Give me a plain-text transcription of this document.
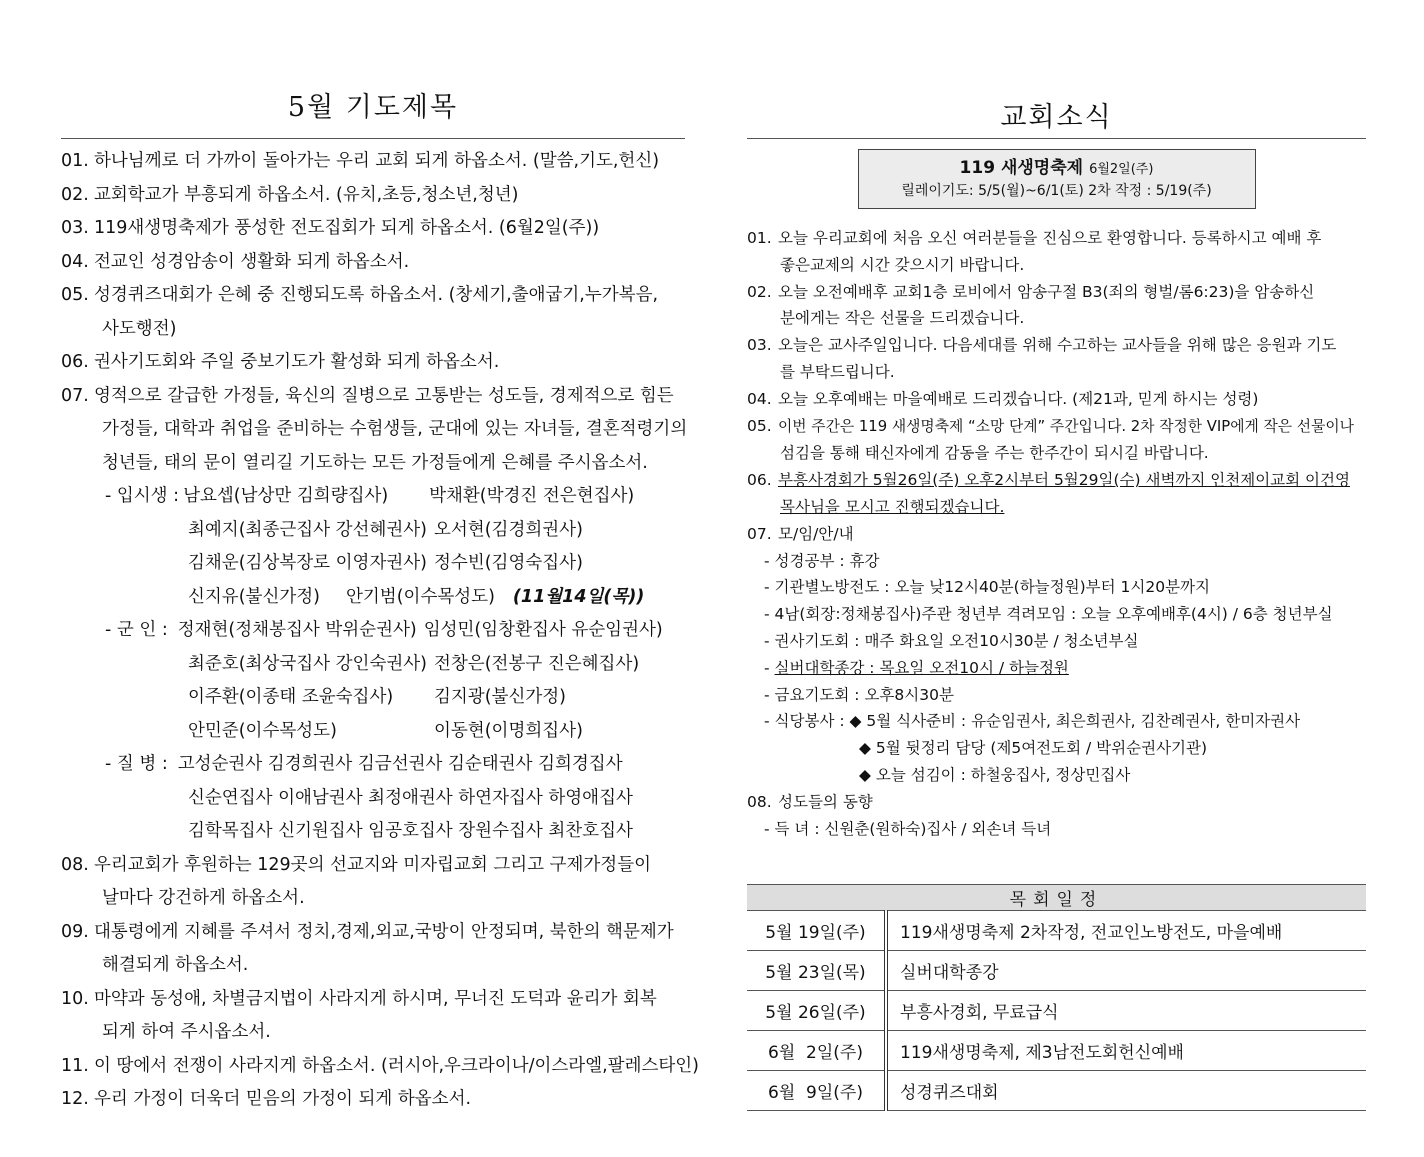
5월 기도제목
01. 하나님께로 더 가까이 돌아가는 우리 교회 되게 하옵소서. (말씀,기도,헌신)
02. 교회학교가 부흥되게 하옵소서. (유치,초등,청소년,청년)
03. 119새생명축제가 풍성한 전도집회가 되게 하옵소서. (6월2일(주))
04. 전교인 성경암송이 생활화 되게 하옵소서.
05. 성경퀴즈대회가 은혜 중 진행되도록 하옵소서. (창세기,출애굽기,누가복음,
사도행전)
06. 권사기도회와 주일 중보기도가 활성화 되게 하옵소서.
07. 영적으로 갈급한 가정들, 육신의 질병으로 고통받는 성도들, 경제적으로 힘든
가정들, 대학과 취업을 준비하는 수험생들, 군대에 있는 자녀들, 결혼적령기의
청년들, 태의 문이 열리길 기도하는 모든 가정들에게 은혜를 주시옵소서.
- 입시생 : 남요셉(남상만 김희량집사) 박채환(박경진 전은현집사)
최예지(최종근집사 강선혜권사) 오서현(김경희권사)
김채운(김상복장로 이영자권사) 정수빈(김영숙집사)
신지유(불신가정) 안기범(이수목성도) (11월14일(목))
- 군 인 : 정재현(정채봉집사 박위순권사) 임성민(임창환집사 유순임권사)
최준호(최상국집사 강인숙권사) 전창은(전봉구 진은혜집사)
이주환(이종태 조윤숙집사) 김지광(불신가정)
안민준(이수목성도)	이동현(이명희집사)
- 질 병 : 고성순권사 김경희권사 김금선권사 김순태권사 김희경집사
신순연집사 이애남권사 최정애권사 하연자집사 하영애집사
김학목집사 신기원집사 임공호집사 장원수집사 최찬호집사
08. 우리교회가 후원하는 129곳의 선교지와 미자립교회 그리고 구제가정들이
날마다 강건하게 하옵소서.
09. 대통령에게 지혜를 주셔서 정치,경제,외교,국방이 안정되며, 북한의 핵문제가
해결되게 하옵소서.
10. 마약과 동성애, 차별금지법이 사라지게 하시며, 무너진 도덕과 윤리가 회복
되게 하여 주시옵소서.
11. 이 땅에서 전쟁이 사라지게 하옵소서. (러시아,우크라이나/이스라엘,팔레스타인)
12. 우리 가정이 더욱더 믿음의 가정이 되게 하옵소서.
교회소식
119 새생명축제 6월2일(주)
릴레이기도: 5/5(월)~6/1(토) 2차 작정 : 5/19(주)
01. 오늘 우리교회에 처음 오신 여러분들을 진심으로 환영합니다. 등록하시고 예배 후
좋은교제의 시간 갖으시기 바랍니다.
02. 오늘 오전예배후 교회1층 로비에서 암송구절 B3(죄의 형벌/롬6:23)을 암송하신
분에게는 작은 선물을 드리겠습니다.
03. 오늘은 교사주일입니다. 다음세대를 위해 수고하는 교사들을 위해 많은 응원과 기도
를 부탁드립니다.
04. 오늘 오후예배는 마을예배로 드리겠습니다. (제21과, 믿게 하시는 성령)
05. 이번 주간은 119 새생명축제 “소망 단계” 주간입니다. 2차 작정한 VIP에게 작은 선물이나
섬김을 통해 태신자에게 감동을 주는 한주간이 되시길 바랍니다.
06. 부흥사경회가 5월26일(주) 오후2시부터 5월29일(수) 새벽까지 인천제이교회 이건영
목사님을 모시고 진행되겠습니다.
07. 모/임/안/내
- 성경공부 : 휴강
- 기관별노방전도 : 오늘 낮12시40분(하늘정원)부터 1시20분까지
- 4남(회장:정채봉집사)주관 청년부 격려모임 : 오늘 오후예배후(4시) / 6층 청년부실
- 권사기도회 : 매주 화요일 오전10시30분 / 청소년부실
- 실버대학종강 : 목요일 오전10시 / 하늘정원
- 금요기도회 : 오후8시30분
- 식당봉사 : ◆ 5월 식사준비 : 유순임권사, 최은희권사, 김찬례권사, 한미자권사
◆ 5월 뒷정리 담당 (제5여전도회 / 박위순권사기관)
◆ 오늘 섬김이 : 하철웅집사, 정상민집사
08. 성도들의 동향
- 득 녀 : 신원춘(원하숙)집사 / 외손녀 득녀
목회일정	
5월 19일(주)	119새생명축제 2차작정, 전교인노방전도, 마을예배
5월 23일(목)	실버대학종강
5월 26일(주)	부흥사경회, 무료급식
6월  2일(주)	119새생명축제, 제3남전도회헌신예배
6월  9일(주)	성경퀴즈대회
